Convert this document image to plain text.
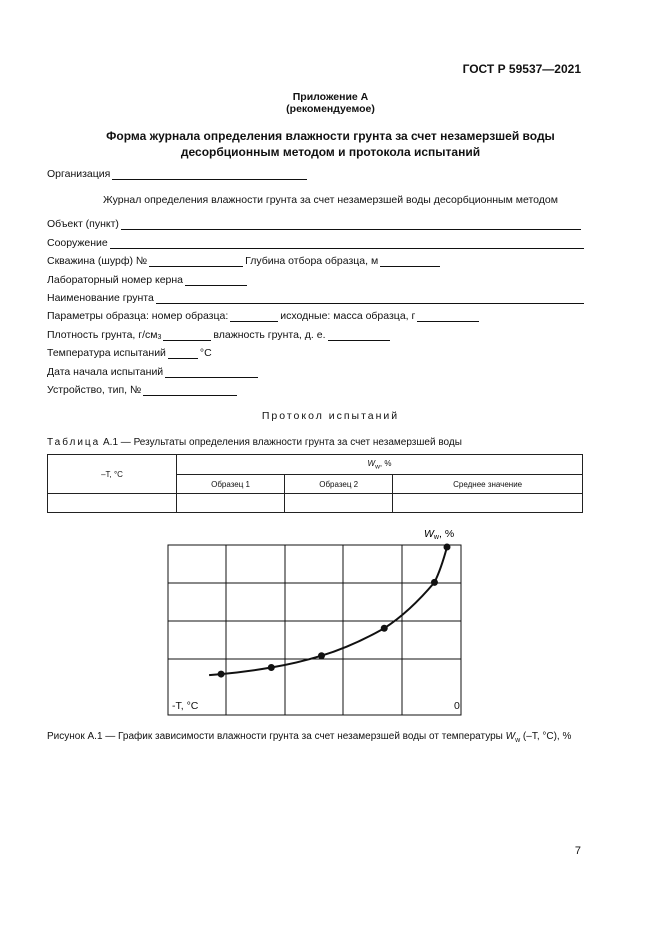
ГОСТ Р 59537—2021
Приложение А
(рекомендуемое)
Форма журнала определения влажности грунта за счет незамерзшей воды
десорбционным методом и протокола испытаний
Организация
Журнал определения влажности грунта за счет незамерзшей воды десорбционным методом
Объект (пункт)
Сооружение
Скважина (шурф) №	Глубина отбора образца, м
Лабораторный номер керна
Наименование грунта
Параметры образца: номер образца:	исходные: масса образца, г
Плотность грунта, $г/см_3$	влажность грунта, д. е.
Температура испытаний	°С
Дата начала испытаний
Устройство, тип, №
Протокол испытаний
Таблица А.1 — Результаты определения влажности грунта за счет незамерзшей воды
–T, °C	$W_w$, %		
	Образец 1	Образец 2	Среднее значение

Ww, %
-T, °C	0
Рисунок А.1 — График зависимости влажности грунта за счет незамерзшей воды от температуры $W_w$ (–T, °C), %
7
